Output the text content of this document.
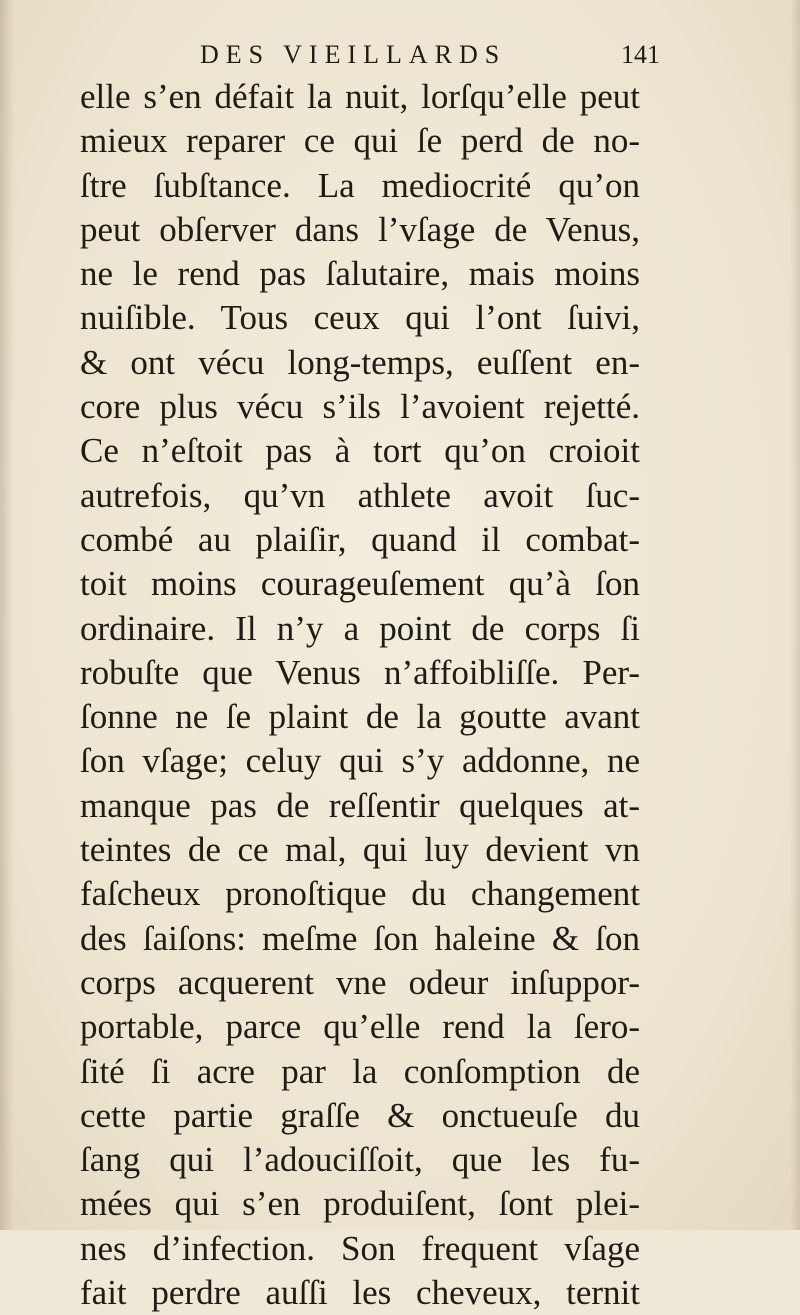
DES VIEILLARDS	141
elle s’en défait la nuit, lorſqu’elle peut
mieux reparer ce qui ſe perd de no-
ſtre ſubſtance. La mediocrité qu’on
peut obſerver dans l’vſage de Venus,
ne le rend pas ſalutaire, mais moins
nuiſible. Tous ceux qui l’ont ſuivi,
& ont vécu long-temps, euſſent en-
core plus vécu s’ils l’avoient rejetté.
Ce n’eſtoit pas à tort qu’on croioit
autrefois, qu’vn athlete avoit ſuc-
combé au plaiſir, quand il combat-
toit moins courageuſement qu’à ſon
ordinaire. Il n’y a point de corps ſi
robuſte que Venus n’affoibliſſe. Per-
ſonne ne ſe plaint de la goutte avant
ſon vſage; celuy qui s’y addonne, ne
manque pas de reſſentir quelques at-
teintes de ce mal, qui luy devient vn
faſcheux pronoſtique du changement
des ſaiſons: meſme ſon haleine & ſon
corps acquerent vne odeur inſuppor-
portable, parce qu’elle rend la ſero-
ſité ſi acre par la conſomption de
cette partie graſſe & onctueuſe du
ſang qui l’adouciſſoit, que les fu-
mées qui s’en produiſent, ſont plei-
nes d’infection. Son frequent vſage
fait perdre auſſi les cheveux, ternit
